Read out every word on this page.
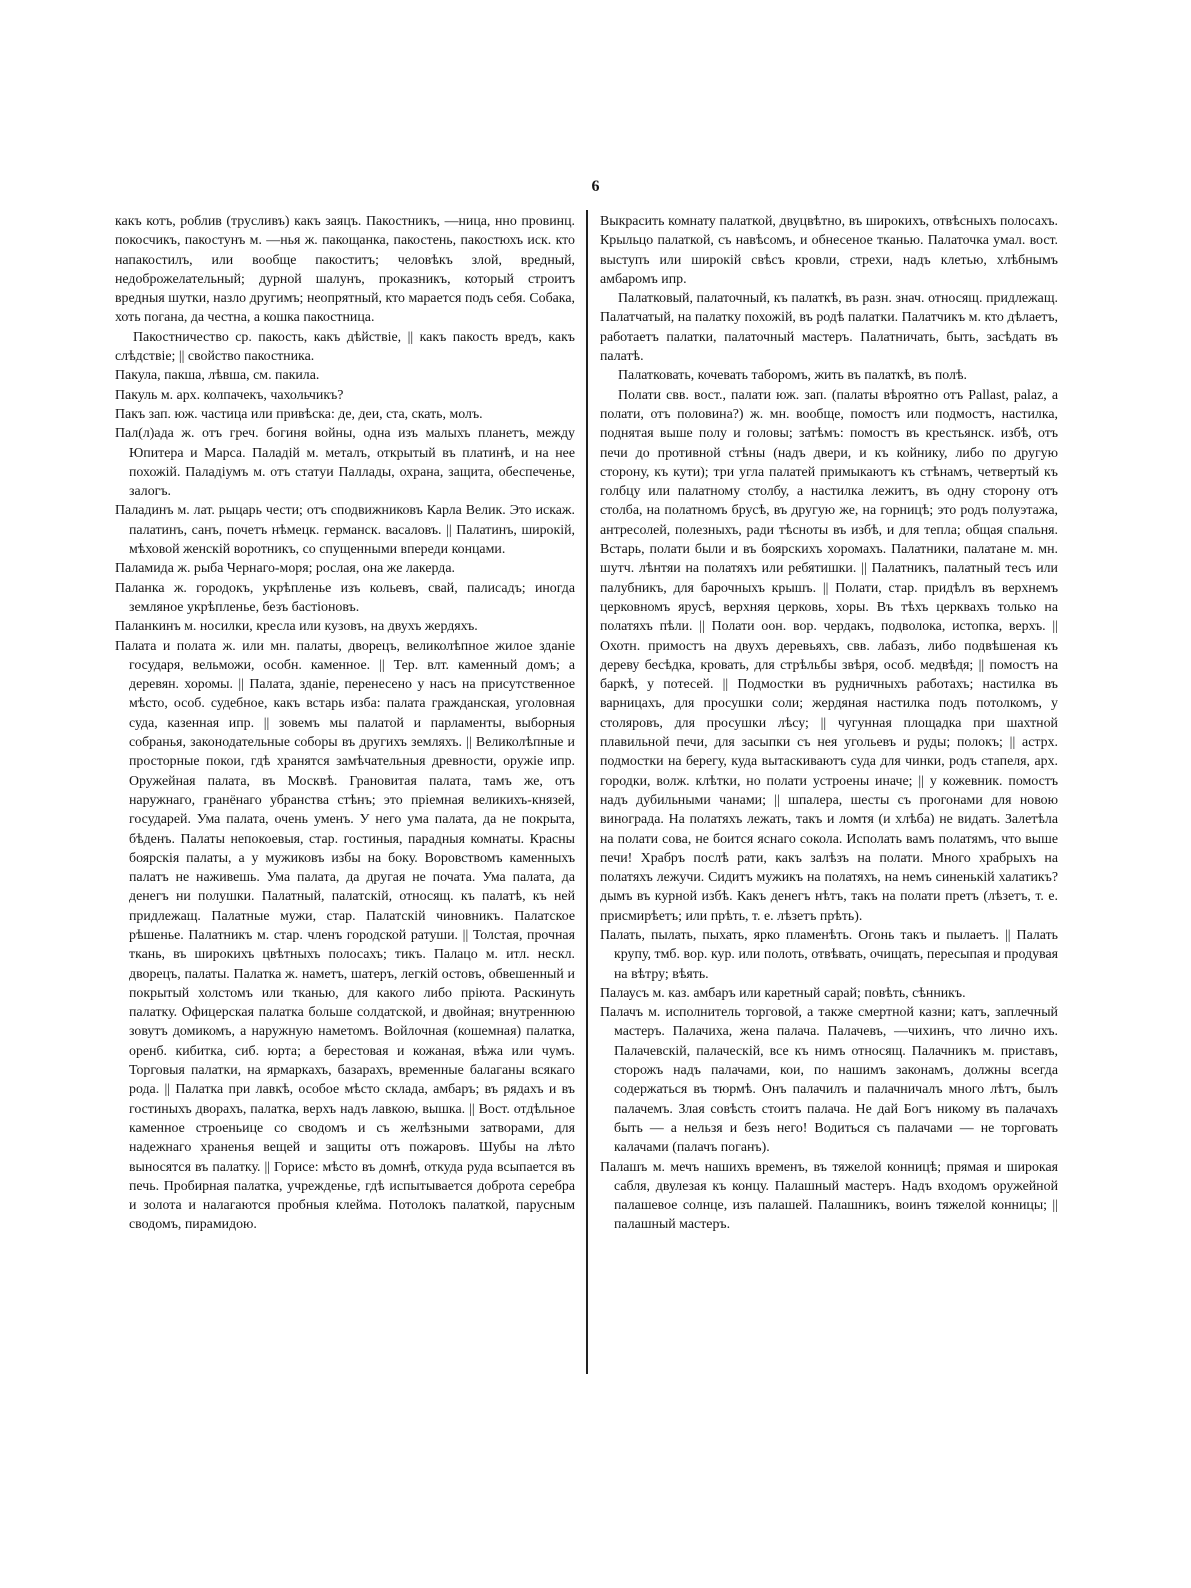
6

какъ котъ, роблив (трусливъ) какъ заяцъ. Пакостникъ, —ница, нно провинц. покосчикъ, пакостунъ м. —нья ж. пакощанка, пакостень, пакостюхъ иск. кто напакостилъ, или вообще пакоститъ; человѣкъ злой, вредный, недоброжелательный; дурной шалунъ, проказникъ, который строитъ вредныя шутки, назло другимъ; неопрятный, кто марается подъ себя. Собака, хоть погана, да честна, а кошка пакостница.

Пакостничество ср. пакость, какъ дѣйствіе, || какъ пакость вредъ, какъ слѣдствіе; || свойство пакостника.

Пакула, пакша, лѣвша, см. пакила.

Пакуль м. арх. колпачекъ, чахольчикъ?

Пакъ зап. юж. частица или привѣска: де, деи, ста, скать, молъ.

Пал(л)ада ж. отъ греч. богиня войны, одна изъ малыхъ планетъ, между Юпитера и Марса. Паладій м. металъ, открытый въ платинѣ, и на нее похожій. Паладіумъ м. отъ статуи Паллады, охрана, защита, обеспеченье, залогъ.

Паладинъ м. лат. рыцарь чести; отъ сподвижниковъ Карла Велик. Это искаж. палатинъ, санъ, почетъ нѣмецк. германск. васаловъ. || Палатинъ, широкій, мѣховой женскій воротникъ, со спущенными впереди концами.

Паламида ж. рыба Чернаго-моря; рослая, она же лакерда.

Паланка ж. городокъ, укрѣпленье изъ кольевъ, свай, палисадъ; иногда земляное укрѣпленье, безъ бастіоновъ.

Паланкинъ м. носилки, кресла или кузовъ, на двухъ жердяхъ.

Палата и полата ж. или мн. палаты, дворецъ, великолѣпное жилое зданіе государя, вельможи, особн. каменное. || Тер. влт. каменный домъ; а деревян. хоромы. || Палата, зданіе, перенесено у насъ на присутственное мѣсто, особ. судебное, какъ встарь изба: палата гражданская, уголовная суда, казенная ипр. || зовемъ мы палатой и парламенты, выборныя собранья, законодательные соборы въ другихъ земляхъ. || Великолѣпные и просторные покои, гдѣ хранятся замѣчательныя древности, оружіе ипр. Оружейная палата, въ Москвѣ. Грановитая палата, тамъ же, отъ наружнаго, гранёнаго убранства стѣнъ; это пріемная великихъ-князей, государей. Ума палата, очень уменъ. У него ума палата, да не покрыта, бѣденъ. Палаты непокоевыя, стар. гостиныя, парадныя комнаты. Красны боярскія палаты, а у мужиковъ избы на боку. Воровствомъ каменныхъ палатъ не наживешь. Ума палата, да другая не почата. Ума палата, да денегъ ни полушки. Палатный, палатскій, относящ. къ палатѣ, къ ней придлежащ. Палатные мужи, стар. Палатскій чиновникъ. Палатское рѣшенье. Палатникъ м. стар. членъ городской ратуши. || Толстая, прочная ткань, въ широкихъ цвѣтныхъ полосахъ; тикъ. Палацо м. итл. нескл. дворецъ, палаты. Палатка ж. наметъ, шатеръ, легкій остовъ, обвешенный и покрытый холстомъ или тканью, для какого либо пріюта. Раскинуть палатку. Офицерская палатка больше солдатской, и двойная; внутреннюю зовутъ домикомъ, а наружную наметомъ. Войлочная (кошемная) палатка, оренб. кибитка, сиб. юрта; а берестовая и кожаная, вѣжа или чумъ. Торговыя палатки, на ярмаркахъ, базарахъ, временные балаганы всякаго рода. || Палатка при лавкѣ, особое мѣсто склада, амбаръ; въ рядахъ и въ гостиныхъ дворахъ, палатка, верхъ надъ лавкою, вышка. || Вост. отдѣльное каменное строеньице со сводомъ и съ желѣзными затворами, для надежнаго храненья вещей и защиты отъ пожаровъ. Шубы на лѣто выносятся въ палатку. || Горисе: мѣсто въ домнѣ, откуда руда всыпается въ печь. Пробирная палатка, учрежденье, гдѣ испытывается доброта серебра и золота и налагаются пробныя клейма. Потолокъ палаткой, парусным сводомъ, пирамидою.

Выкрасить комнату палаткой, двуцвѣтно, въ широкихъ, отвѣсныхъ полосахъ. Крыльцо палаткой, съ навѣсомъ, и обнесеное тканью. Палаточка умал. вост. выступъ или широкій свѣсъ кровли, стрехи, надъ клетью, хлѣбнымъ амбаромъ ипр.

Палатковый, палаточный, къ палаткѣ, въ разн. знач. относящ. придлежащ. Палатчатый, на палатку похожій, въ родѣ палатки. Палатчикъ м. кто дѣлаетъ, работаетъ палатки, палаточный мастеръ. Палатничать, быть, засѣдать въ палатѣ.

Палатковать, кочевать таборомъ, жить въ палаткѣ, въ полѣ.

Полати свв. вост., палати юж. зап. (палаты вѣроятно отъ Pallast, palaz, а полати, отъ половина?) ж. мн. вообще, помостъ или подмостъ, настилка, поднятая выше полу и головы; затѣмъ: помостъ въ крестьянск. избѣ, отъ печи до противной стѣны (надъ двери, и къ койнику, либо по другую сторону, къ кути); три угла палатей примыкаютъ къ стѣнамъ, четвертый къ голбцу или палатному столбу, а настилка лежитъ, въ одну сторону отъ столба, на полатномъ брусѣ, въ другую же, на горницѣ; это родъ полуэтажа, антресолей, полезныхъ, ради тѣсноты въ избѣ, и для тепла; общая спальня. Встарь, полати были и въ боярскихъ хоромахъ. Палатники, палатане м. мн. шутч. лѣнтяи на полатяхъ или ребятишки. || Палатникъ, палатный тесъ или палубникъ, для барочныхъ крышъ. || Полати, стар. придѣлъ въ верхнемъ церковномъ ярусѣ, верхняя церковь, хоры. Въ тѣхъ церквахъ только на полатяхъ пѣли. || Полати оон. вор. чердакъ, подволока, истопка, верхъ. || Охотн. примостъ на двухъ деревьяхъ, свв. лабазъ, либо подвѣшеная къ дереву бесѣдка, кровать, для стрѣльбы звѣря, особ. медвѣдя; || помостъ на баркѣ, у потесей. || Подмостки въ рудничныхъ работахъ; настилка въ варницахъ, для просушки соли; жердяная настилка подъ потолкомъ, у столяровъ, для просушки лѣсу; || чугунная площадка при шахтной плавильной печи, для засыпки съ нея угольевъ и руды; полокъ; || астрх. подмостки на берегу, куда вытаскиваютъ суда для чинки, родъ стапеля, арх. городки, волж. клѣтки, но полати устроены иначе; || у кожевник. помостъ надъ дубильными чанами; || шпалера, шесты съ прогонами для новою винограда. На полатяхъ лежать, такъ и ломтя (и хлѣба) не видать. Залетѣла на полати сова, не боится яснаго сокола. Исполать вамъ полатямъ, что выше печи! Храбръ послѣ рати, какъ залѣзъ на полати. Много храбрыхъ на полатяхъ лежучи. Сидитъ мужикъ на полатяхъ, на немъ синенькій халатикъ? дымъ въ курной избѣ. Какъ денегъ нѣтъ, такъ на полати претъ (лѣзетъ, т. е. присмирѣетъ; или прѣть, т. е. лѣзетъ прѣть).

Палать, пылать, пыхать, ярко пламенѣть. Огонь такъ и пылаетъ. || Палать крупу, тмб. вор. кур. или полоть, отвѣвать, очищать, пересыпая и продувая на вѣтру; вѣять.

Палаусъ м. каз. амбаръ или каретный сарай; повѣть, сѣнникъ.

Палачъ м. исполнитель торговой, а также смертной казни; катъ, заплечный мастеръ. Палачиха, жена палача. Палачевъ, —чихинъ, что лично ихъ. Палачевскій, палаческій, все къ нимъ относящ. Палачникъ м. приставъ, сторожъ надъ палачами, кои, по нашимъ законамъ, должны всегда содержаться въ тюрмѣ. Онъ палачилъ и палачничалъ много лѣтъ, былъ палачемъ. Злая совѣсть стоитъ палача. Не дай Богъ никому въ палачахъ быть — а нельзя и безъ него! Водиться съ палачами — не торговать калачами (палачъ поганъ).

Палашъ м. мечъ нашихъ временъ, въ тяжелой конницѣ; прямая и широкая сабля, двулезая къ концу. Палашный мастеръ. Надъ входомъ оружейной палашевое солнце, изъ палашей. Палашникъ, воинъ тяжелой конницы; || палашный мастеръ.
